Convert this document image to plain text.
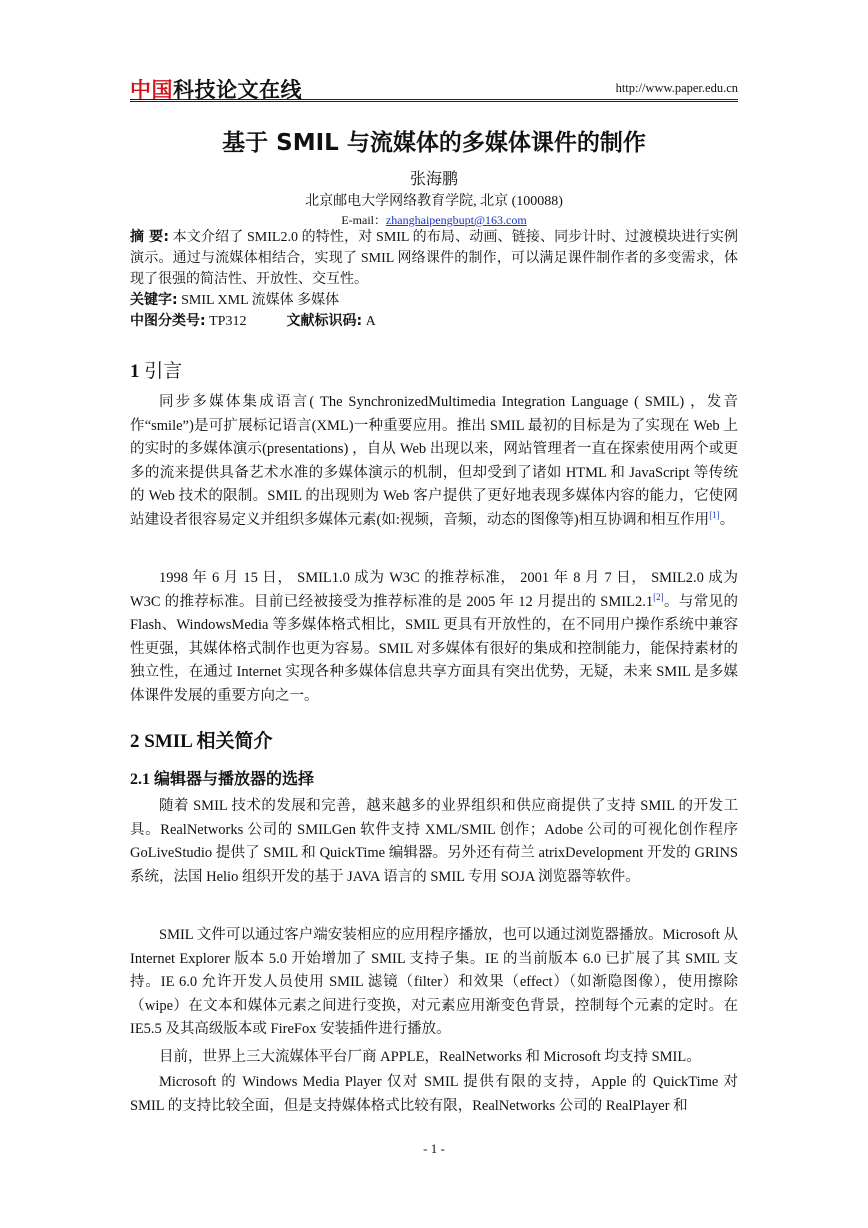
中国科技论文在线	http://www.paper.edu.cn
基于 SMIL 与流媒体的多媒体课件的制作
张海鹏
北京邮电大学网络教育学院, 北京 (100088)
E-mail：zhanghaipengbupt@163.com
摘 要: 本文介绍了 SMIL2.0 的特性，对 SMIL 的布局、动画、链接、同步计时、过渡模块进行实例演示。通过与流媒体相结合，实现了 SMIL 网络课件的制作，可以满足课件制作者的多变需求，体现了很强的简洁性、开放性、交互性。
关键字: SMIL XML 流媒体 多媒体
中图分类号: TP312	文献标识码: A
1 引言
同步多媒体集成语言( The SynchronizedMultimedia Integration Language ( SMIL) ，发音作“smile”)是可扩展标记语言(XML)一种重要应用。推出 SMIL 最初的目标是为了实现在 Web 上的实时的多媒体演示(presentations) ，自从 Web 出现以来，网站管理者一直在探索使用两个或更多的流来提供具备艺术水准的多媒体演示的机制，但却受到了诸如 HTML 和 JavaScript 等传统的 Web 技术的限制。SMIL 的出现则为 Web 客户提供了更好地表现多媒体内容的能力，它使网站建设者很容易定义并组织多媒体元素(如:视频，音频，动态的图像等)相互协调和相互作用[1]。
1998 年 6 月 15 日， SMIL1.0 成为 W3C 的推荐标准， 2001 年 8 月 7 日， SMIL2.0 成为 W3C 的推荐标准。目前已经被接受为推荐标准的是 2005 年 12 月提出的 SMIL2.1[2]。与常见的 Flash、WindowsMedia 等多媒体格式相比，SMIL 更具有开放性的，在不同用户操作系统中兼容性更强，其媒体格式制作也更为容易。SMIL 对多媒体有很好的集成和控制能力，能保持素材的独立性，在通过 Internet 实现各种多媒体信息共享方面具有突出优势，无疑，未来 SMIL 是多媒体课件发展的重要方向之一。
2 SMIL 相关简介
2.1 编辑器与播放器的选择
随着 SMIL 技术的发展和完善，越来越多的业界组织和供应商提供了支持 SMIL 的开发工具。RealNetworks 公司的 SMILGen 软件支持 XML/SMIL 创作；Adobe 公司的可视化创作程序 GoLiveStudio 提供了 SMIL 和 QuickTime 编辑器。另外还有荷兰 atrixDevelopment 开发的 GRINS 系统，法国 Helio 组织开发的基于 JAVA 语言的 SMIL 专用 SOJA 浏览器等软件。
SMIL 文件可以通过客户端安装相应的应用程序播放，也可以通过浏览器播放。Microsoft 从 Internet Explorer 版本 5.0 开始增加了 SMIL 支持子集。IE 的当前版本 6.0 已扩展了其 SMIL 支持。IE 6.0 允许开发人员使用 SMIL 滤镜（filter）和效果（effect）（如渐隐图像），使用擦除（wipe）在文本和媒体元素之间进行变换，对元素应用渐变色背景，控制每个元素的定时。在 IE5.5 及其高级版本或 FireFox 安装插件进行播放。
目前，世界上三大流媒体平台厂商 APPLE，RealNetworks 和 Microsoft 均支持 SMIL。
Microsoft 的 Windows Media Player 仅对 SMIL 提供有限的支持，Apple 的 QuickTime 对 SMIL 的支持比较全面，但是支持媒体格式比较有限，RealNetworks 公司的 RealPlayer 和
- 1 -
